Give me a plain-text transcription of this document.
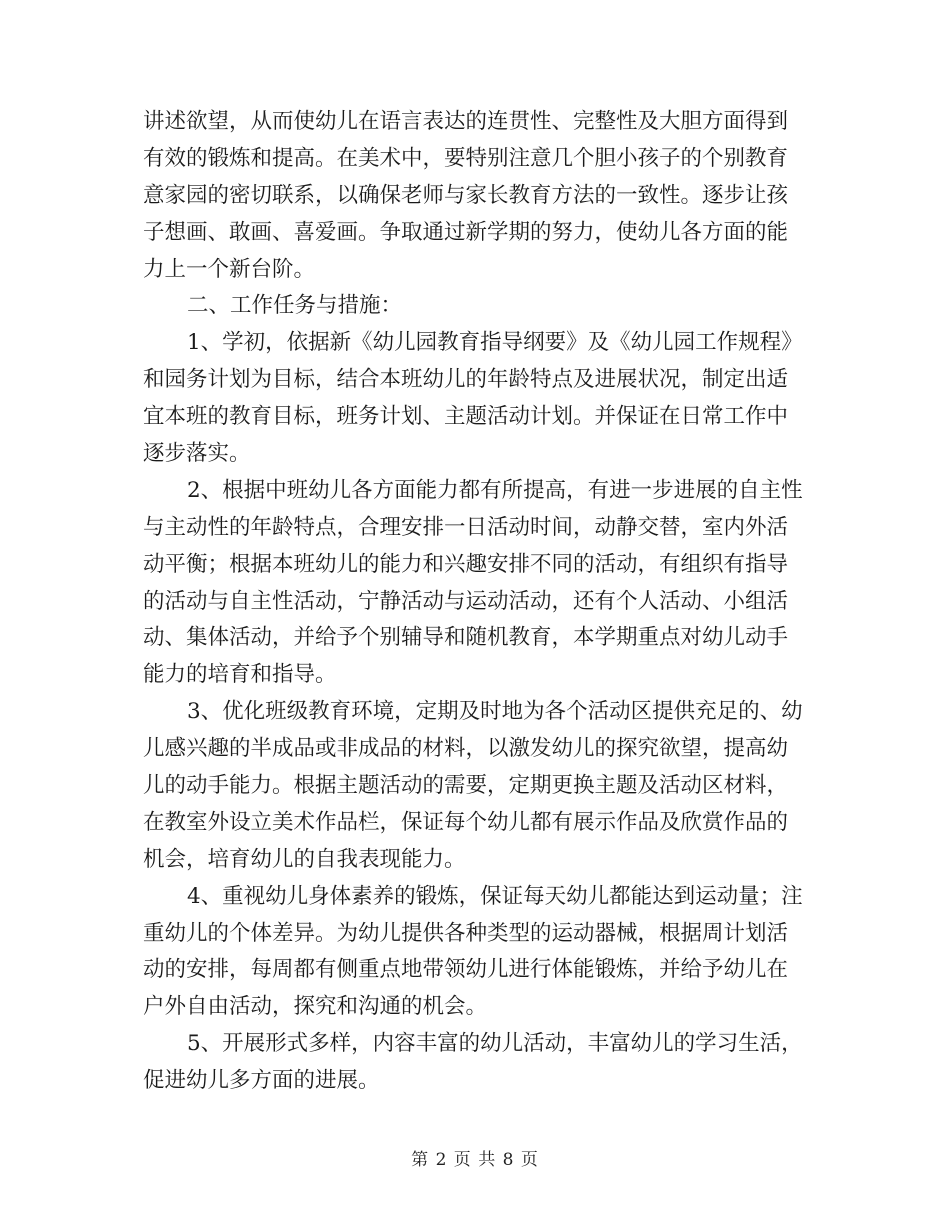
讲述欲望，从而使幼儿在语言表达的连贯性、完整性及大胆方面得到
有效的锻炼和提高。在美术中，要特别注意几个胆小孩子的个别教育
意家园的密切联系，以确保老师与家长教育方法的一致性。逐步让孩
子想画、敢画、喜爱画。争取通过新学期的努力，使幼儿各方面的能
力上一个新台阶。
二、工作任务与措施：
1、学初，依据新《幼儿园教育指导纲要》及《幼儿园工作规程》
和园务计划为目标，结合本班幼儿的年龄特点及进展状况，制定出适
宜本班的教育目标，班务计划、主题活动计划。并保证在日常工作中
逐步落实。
2、根据中班幼儿各方面能力都有所提高，有进一步进展的自主性
与主动性的年龄特点，合理安排一日活动时间，动静交替，室内外活
动平衡；根据本班幼儿的能力和兴趣安排不同的活动，有组织有指导
的活动与自主性活动，宁静活动与运动活动，还有个人活动、小组活
动、集体活动，并给予个别辅导和随机教育，本学期重点对幼儿动手
能力的培育和指导。
3、优化班级教育环境，定期及时地为各个活动区提供充足的、幼
儿感兴趣的半成品或非成品的材料，以激发幼儿的探究欲望，提高幼
儿的动手能力。根据主题活动的需要，定期更换主题及活动区材料，
在教室外设立美术作品栏，保证每个幼儿都有展示作品及欣赏作品的
机会，培育幼儿的自我表现能力。
4、重视幼儿身体素养的锻炼，保证每天幼儿都能达到运动量；注
重幼儿的个体差异。为幼儿提供各种类型的运动器械，根据周计划活
动的安排，每周都有侧重点地带领幼儿进行体能锻炼，并给予幼儿在
户外自由活动，探究和沟通的机会。
5、开展形式多样，内容丰富的幼儿活动，丰富幼儿的学习生活，
促进幼儿多方面的进展。
第 2 页 共 8 页
